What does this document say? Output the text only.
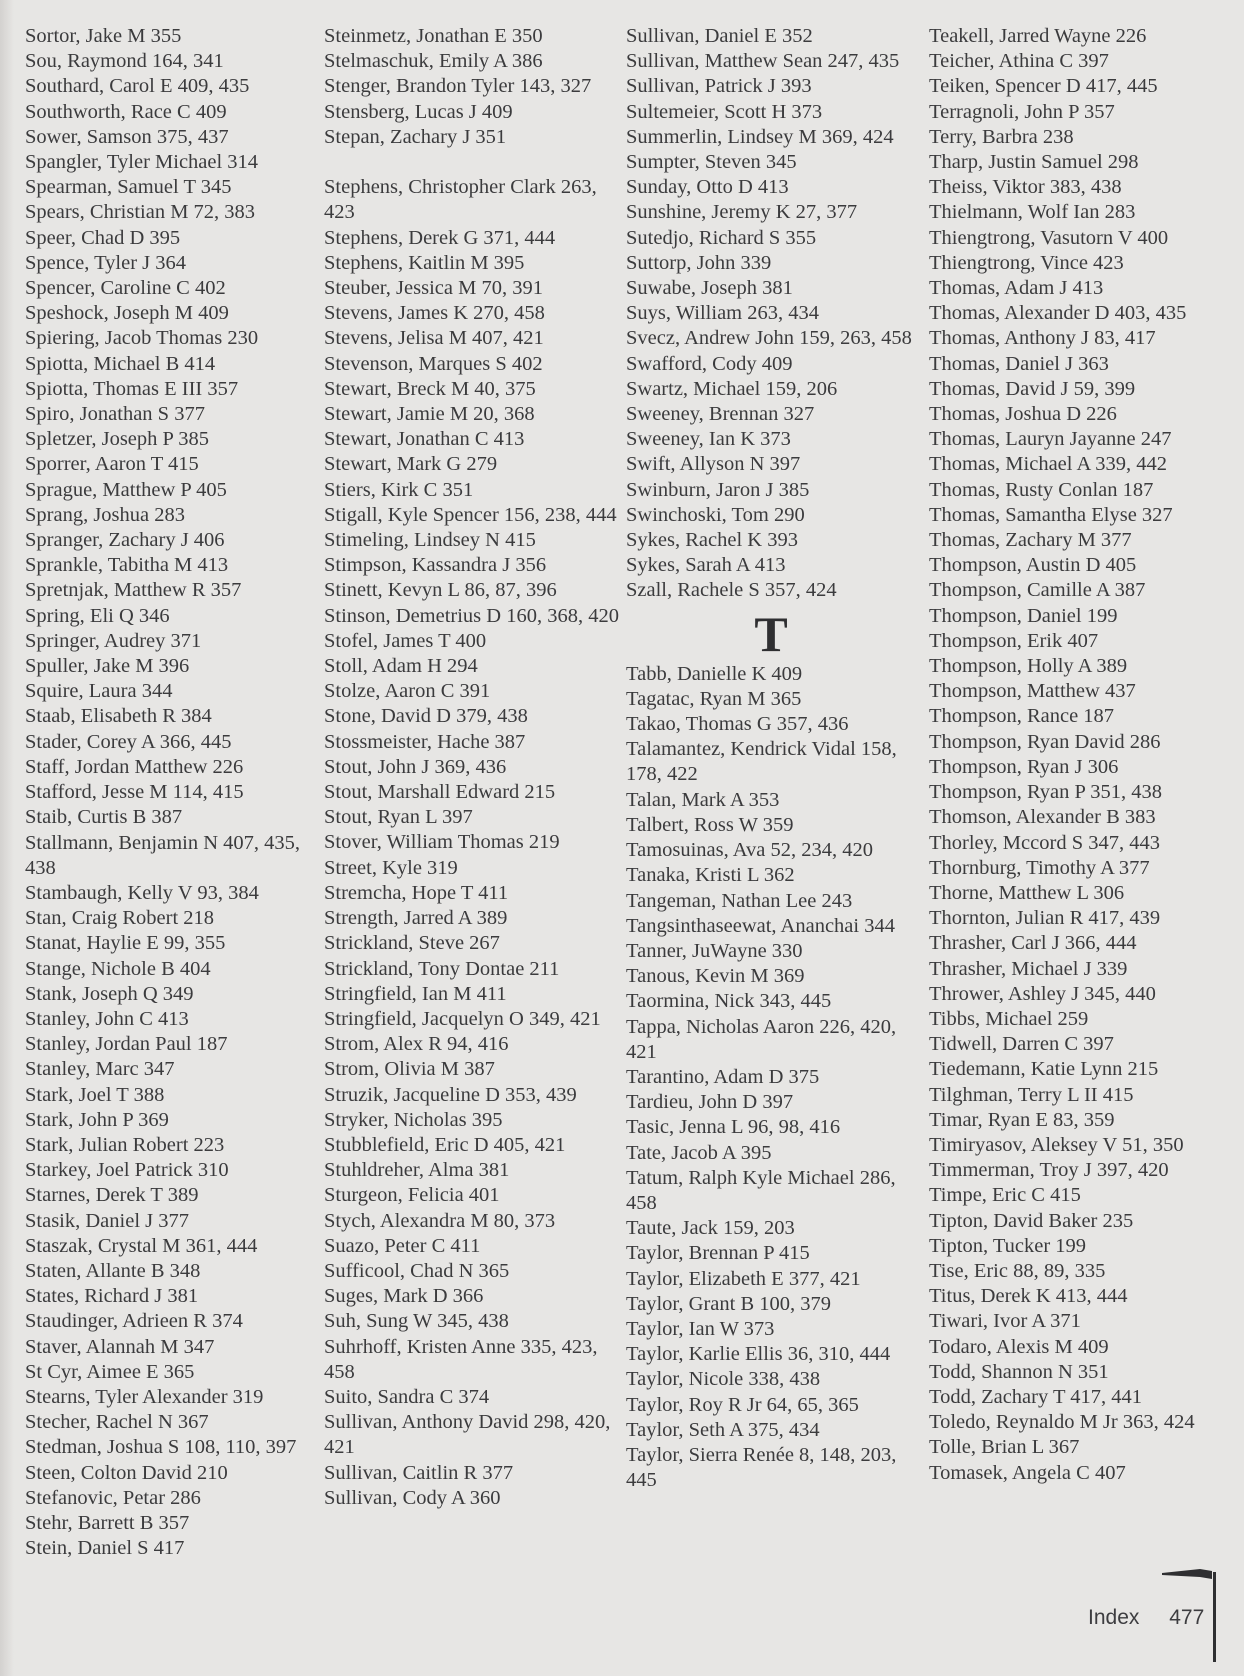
Sortor, Jake M 355
Sou, Raymond 164, 341
Southard, Carol E 409, 435
Southworth, Race C 409
Sower, Samson 375, 437
Spangler, Tyler Michael 314
Spearman, Samuel T 345
Spears, Christian M 72, 383
Speer, Chad D 395
Spence, Tyler J 364
Spencer, Caroline C 402
Speshock, Joseph M 409
Spiering, Jacob Thomas 230
Spiotta, Michael B 414
Spiotta, Thomas E III 357
Spiro, Jonathan S 377
Spletzer, Joseph P 385
Sporrer, Aaron T 415
Sprague, Matthew P 405
Sprang, Joshua 283
Spranger, Zachary J 406
Sprankle, Tabitha M 413
Spretnjak, Matthew R 357
Spring, Eli Q 346
Springer, Audrey 371
Spuller, Jake M 396
Squire, Laura 344
Staab, Elisabeth R 384
Stader, Corey A 366, 445
Staff, Jordan Matthew 226
Stafford, Jesse M 114, 415
Staib, Curtis B 387
Stallmann, Benjamin N 407, 435, 438
Stambaugh, Kelly V 93, 384
Stan, Craig Robert 218
Stanat, Haylie E 99, 355
Stange, Nichole B 404
Stank, Joseph Q 349
Stanley, John C 413
Stanley, Jordan Paul 187
Stanley, Marc 347
Stark, Joel T 388
Stark, John P 369
Stark, Julian Robert 223
Starkey, Joel Patrick 310
Starnes, Derek T 389
Stasik, Daniel J 377
Staszak, Crystal M 361, 444
Staten, Allante B 348
States, Richard J 381
Staudinger, Adrieen R 374
Staver, Alannah M 347
St Cyr, Aimee E 365
Stearns, Tyler Alexander 319
Stecher, Rachel N 367
Stedman, Joshua S 108, 110, 397
Steen, Colton David 210
Stefanovic, Petar 286
Stehr, Barrett B 357
Stein, Daniel S 417
Steinmetz, Jonathan E 350
Stelmaschuk, Emily A 386
Stenger, Brandon Tyler 143, 327
Stensberg, Lucas J 409
Stepan, Zachary J 351
Stephens, Christopher Clark 263, 423
Stephens, Derek G 371, 444
Stephens, Kaitlin M 395
Steuber, Jessica M 70, 391
Stevens, James K 270, 458
Stevens, Jelisa M 407, 421
Stevenson, Marques S 402
Stewart, Breck M 40, 375
Stewart, Jamie M 20, 368
Stewart, Jonathan C 413
Stewart, Mark G 279
Stiers, Kirk C 351
Stigall, Kyle Spencer 156, 238, 444
Stimeling, Lindsey N 415
Stimpson, Kassandra J 356
Stinett, Kevyn L 86, 87, 396
Stinson, Demetrius D 160, 368, 420
Stofel, James T 400
Stoll, Adam H 294
Stolze, Aaron C 391
Stone, David D 379, 438
Stossmeister, Hache 387
Stout, John J 369, 436
Stout, Marshall Edward 215
Stout, Ryan L 397
Stover, William Thomas 219
Street, Kyle 319
Stremcha, Hope T 411
Strength, Jarred A 389
Strickland, Steve 267
Strickland, Tony Dontae 211
Stringfield, Ian M 411
Stringfield, Jacquelyn O 349, 421
Strom, Alex R 94, 416
Strom, Olivia M 387
Struzik, Jacqueline D 353, 439
Stryker, Nicholas 395
Stubblefield, Eric D 405, 421
Stuhldreher, Alma 381
Sturgeon, Felicia 401
Stych, Alexandra M 80, 373
Suazo, Peter C 411
Sufficool, Chad N 365
Suges, Mark D 366
Suh, Sung W 345, 438
Suhrhoff, Kristen Anne 335, 423, 458
Suito, Sandra C 374
Sullivan, Anthony David 298, 420, 421
Sullivan, Caitlin R 377
Sullivan, Cody A 360
Sullivan, Daniel E 352
Sullivan, Matthew Sean 247, 435
Sullivan, Patrick J 393
Sultemeier, Scott H 373
Summerlin, Lindsey M 369, 424
Sumpter, Steven 345
Sunday, Otto D 413
Sunshine, Jeremy K 27, 377
Sutedjo, Richard S 355
Suttorp, John 339
Suwabe, Joseph 381
Suys, William 263, 434
Svecz, Andrew John 159, 263, 458
Swafford, Cody 409
Swartz, Michael 159, 206
Sweeney, Brennan 327
Sweeney, Ian K 373
Swift, Allyson N 397
Swinburn, Jaron J 385
Swinchoski, Tom 290
Sykes, Rachel K 393
Sykes, Sarah A 413
Szall, Rachele S 357, 424
T
Tabb, Danielle K 409
Tagatac, Ryan M 365
Takao, Thomas G 357, 436
Talamantez, Kendrick Vidal 158, 178, 422
Talan, Mark A 353
Talbert, Ross W 359
Tamosuinas, Ava 52, 234, 420
Tanaka, Kristi L 362
Tangeman, Nathan Lee 243
Tangsinthaseewat, Ananchai 344
Tanner, JuWayne 330
Tanous, Kevin M 369
Taormina, Nick 343, 445
Tappa, Nicholas Aaron 226, 420, 421
Tarantino, Adam D 375
Tardieu, John D 397
Tasic, Jenna L 96, 98, 416
Tate, Jacob A 395
Tatum, Ralph Kyle Michael 286, 458
Taute, Jack 159, 203
Taylor, Brennan P 415
Taylor, Elizabeth E 377, 421
Taylor, Grant B 100, 379
Taylor, Ian W 373
Taylor, Karlie Ellis 36, 310, 444
Taylor, Nicole 338, 438
Taylor, Roy R Jr 64, 65, 365
Taylor, Seth A 375, 434
Taylor, Sierra Renée 8, 148, 203, 445
Teakell, Jarred Wayne 226
Teicher, Athina C 397
Teiken, Spencer D 417, 445
Terragnoli, John P 357
Terry, Barbra 238
Tharp, Justin Samuel 298
Theiss, Viktor 383, 438
Thielmann, Wolf Ian 283
Thiengtrong, Vasutorn V 400
Thiengtrong, Vince 423
Thomas, Adam J 413
Thomas, Alexander D 403, 435
Thomas, Anthony J 83, 417
Thomas, Daniel J 363
Thomas, David J 59, 399
Thomas, Joshua D 226
Thomas, Lauryn Jayanne 247
Thomas, Michael A 339, 442
Thomas, Rusty Conlan 187
Thomas, Samantha Elyse 327
Thomas, Zachary M 377
Thompson, Austin D 405
Thompson, Camille A 387
Thompson, Daniel 199
Thompson, Erik 407
Thompson, Holly A 389
Thompson, Matthew 437
Thompson, Rance 187
Thompson, Ryan David 286
Thompson, Ryan J 306
Thompson, Ryan P 351, 438
Thomson, Alexander B 383
Thorley, Mccord S 347, 443
Thornburg, Timothy A 377
Thorne, Matthew L 306
Thornton, Julian R 417, 439
Thrasher, Carl J 366, 444
Thrasher, Michael J 339
Thrower, Ashley J 345, 440
Tibbs, Michael 259
Tidwell, Darren C 397
Tiedemann, Katie Lynn 215
Tilghman, Terry L II 415
Timar, Ryan E 83, 359
Timiryasov, Aleksey V 51, 350
Timmerman, Troy J 397, 420
Timpe, Eric C 415
Tipton, David Baker 235
Tipton, Tucker 199
Tise, Eric 88, 89, 335
Titus, Derek K 413, 444
Tiwari, Ivor A 371
Todaro, Alexis M 409
Todd, Shannon N 351
Todd, Zachary T 417, 441
Toledo, Reynaldo M Jr 363, 424
Tolle, Brian L 367
Tomasek, Angela C 407
Index 477
